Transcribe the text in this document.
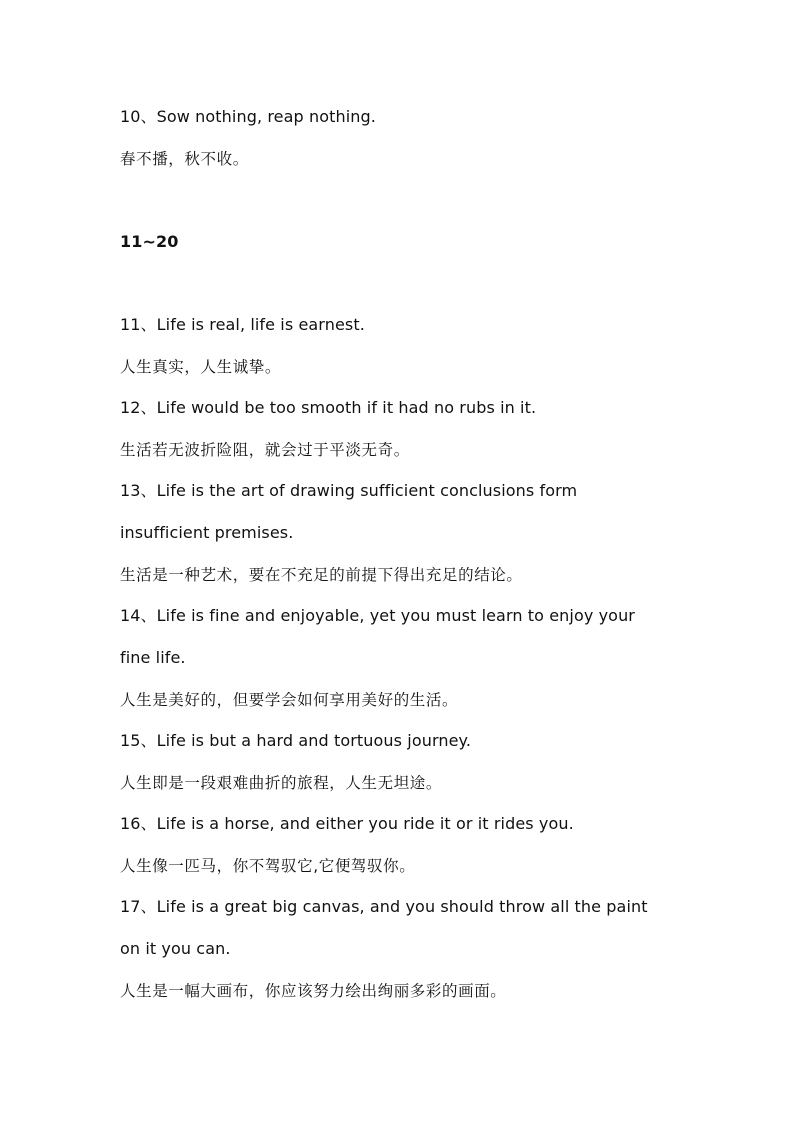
10、Sow nothing, reap nothing.
春不播，秋不收。
11~20
11、Life is real, life is earnest.
人生真实，人生诚挚。
12、Life would be too smooth if it had no rubs in it.
生活若无波折险阻，就会过于平淡无奇。
13、Life is the art of drawing sufficient conclusions form
insufficient premises.
生活是一种艺术，要在不充足的前提下得出充足的结论。
14、Life is fine and enjoyable, yet you must learn to enjoy your
fine life.
人生是美好的，但要学会如何享用美好的生活。
15、Life is but a hard and tortuous journey.
人生即是一段艰难曲折的旅程，人生无坦途。
16、Life is a horse, and either you ride it or it rides you.
人生像一匹马，你不驾驭它,它便驾驭你。
17、Life is a great big canvas, and you should throw all the paint
on it you can.
人生是一幅大画布，你应该努力绘出绚丽多彩的画面。
